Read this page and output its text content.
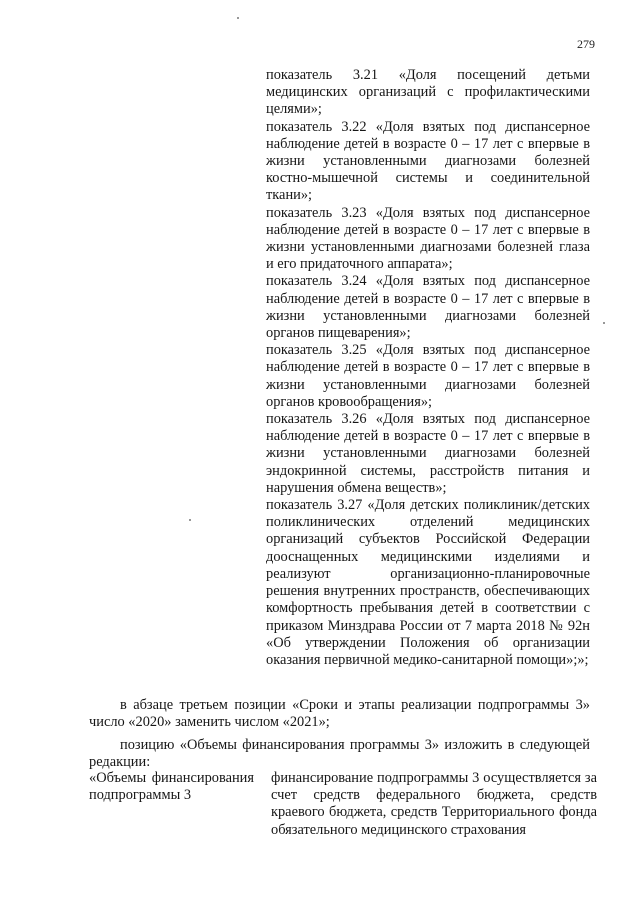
279

показатель 3.21 «Доля посещений детьми медицинских организаций с профилактическими целями»;

показатель 3.22 «Доля взятых под диспансерное наблюдение детей в возрасте 0 – 17 лет с впервые в жизни установленными диагнозами болезней костно-мышечной системы и соединительной ткани»;

показатель 3.23 «Доля взятых под диспансерное наблюдение детей в возрасте 0 – 17 лет с впервые в жизни установленными диагнозами болезней глаза и его придаточного аппарата»;

показатель 3.24 «Доля взятых под диспансерное наблюдение детей в возрасте 0 – 17 лет с впервые в жизни установленными диагнозами болезней органов пищеварения»;

показатель 3.25 «Доля взятых под диспансерное наблюдение детей в возрасте 0 – 17 лет с впервые в жизни установленными диагнозами болезней органов кровообращения»;

показатель 3.26 «Доля взятых под диспансерное наблюдение детей в возрасте 0 – 17 лет с впервые в жизни установленными диагнозами болезней эндокринной системы, расстройств питания и нарушения обмена веществ»;

показатель 3.27 «Доля детских поликлиник/детских поликлинических отделений медицинских организаций субъектов Российской Федерации дооснащенных медицинскими изделиями и реализуют организационно-планировочные решения внутренних пространств, обеспечивающих комфортность пребывания детей в соответствии с приказом Минздрава России от 7 марта 2018 № 92н «Об утверждении Положения об организации оказания первичной медико-санитарной помощи»;»;

в абзаце третьем позиции «Сроки и этапы реализации подпрограммы 3» число «2020» заменить числом «2021»;

позицию «Объемы финансирования программы 3» изложить в следующей редакции:

«Объемы финансирования подпрограммы 3
финансирование подпрограммы 3 осуществляется за счет средств федерального бюджета, средств краевого бюджета, средств Территориального фонда обязательного медицинского страхования
